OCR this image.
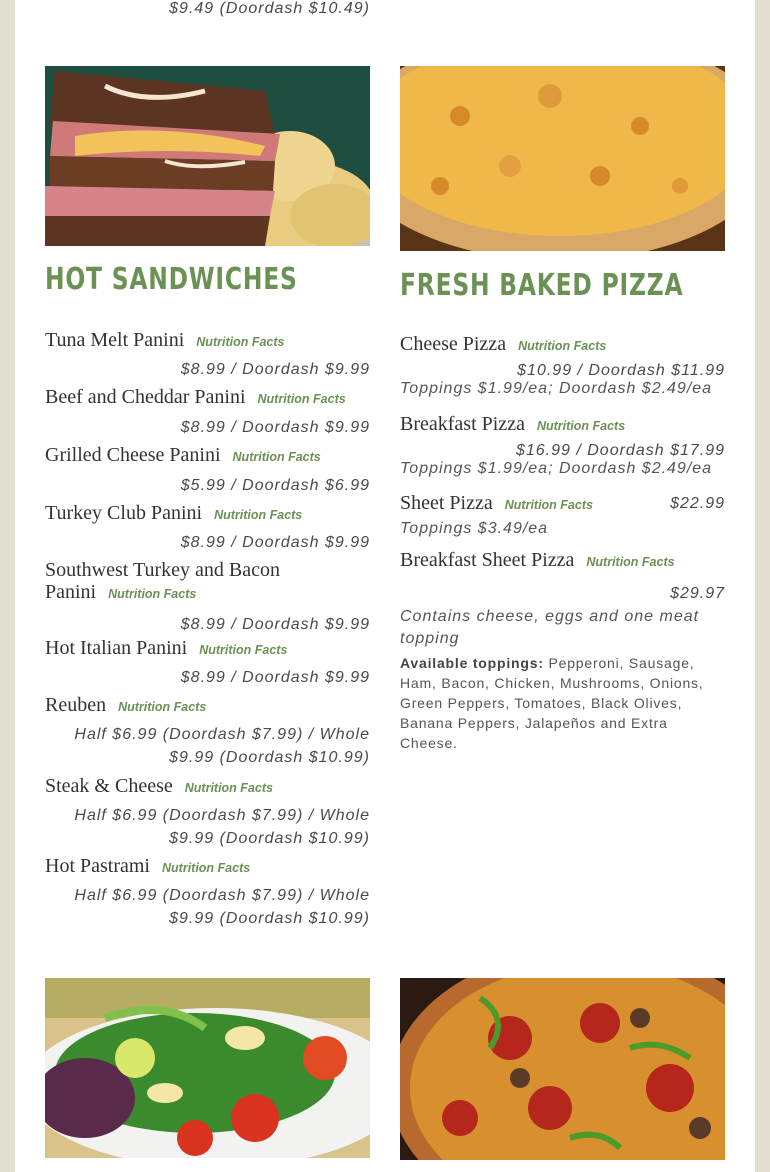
$9.49 (Doordash $10.49)
HOT SANDWICHES	FRESH BAKED PIZZA
Tuna Melt Panini Nutrition Facts
$8.99 / Doordash $9.99
Beef and Cheddar Panini Nutrition Facts
$8.99 / Doordash $9.99
Grilled Cheese Panini Nutrition Facts
$5.99 / Doordash $6.99
Turkey Club Panini Nutrition Facts
$8.99 / Doordash $9.99
Southwest Turkey and Bacon Panini Nutrition Facts
$8.99 / Doordash $9.99
Hot Italian Panini Nutrition Facts
$8.99 / Doordash $9.99
Reuben Nutrition Facts
Half $6.99 (Doordash $7.99) / Whole $9.99 (Doordash $10.99)
Steak & Cheese Nutrition Facts
Half $6.99 (Doordash $7.99) / Whole $9.99 (Doordash $10.99)
Hot Pastrami Nutrition Facts
Half $6.99 (Doordash $7.99) / Whole $9.99 (Doordash $10.99)
Cheese Pizza Nutrition Facts
$10.99 / Doordash $11.99
Toppings $1.99/ea; Doordash $2.49/ea
Breakfast Pizza Nutrition Facts
$16.99 / Doordash $17.99
Toppings $1.99/ea; Doordash $2.49/ea
Sheet Pizza Nutrition Facts	$22.99
Toppings $3.49/ea
Breakfast Sheet Pizza Nutrition Facts
$29.97
Contains cheese, eggs and one meat topping
Available toppings: Pepperoni, Sausage, Ham, Bacon, Chicken, Mushrooms, Onions, Green Peppers, Tomatoes, Black Olives, Banana Peppers, Jalapeños and Extra Cheese.
